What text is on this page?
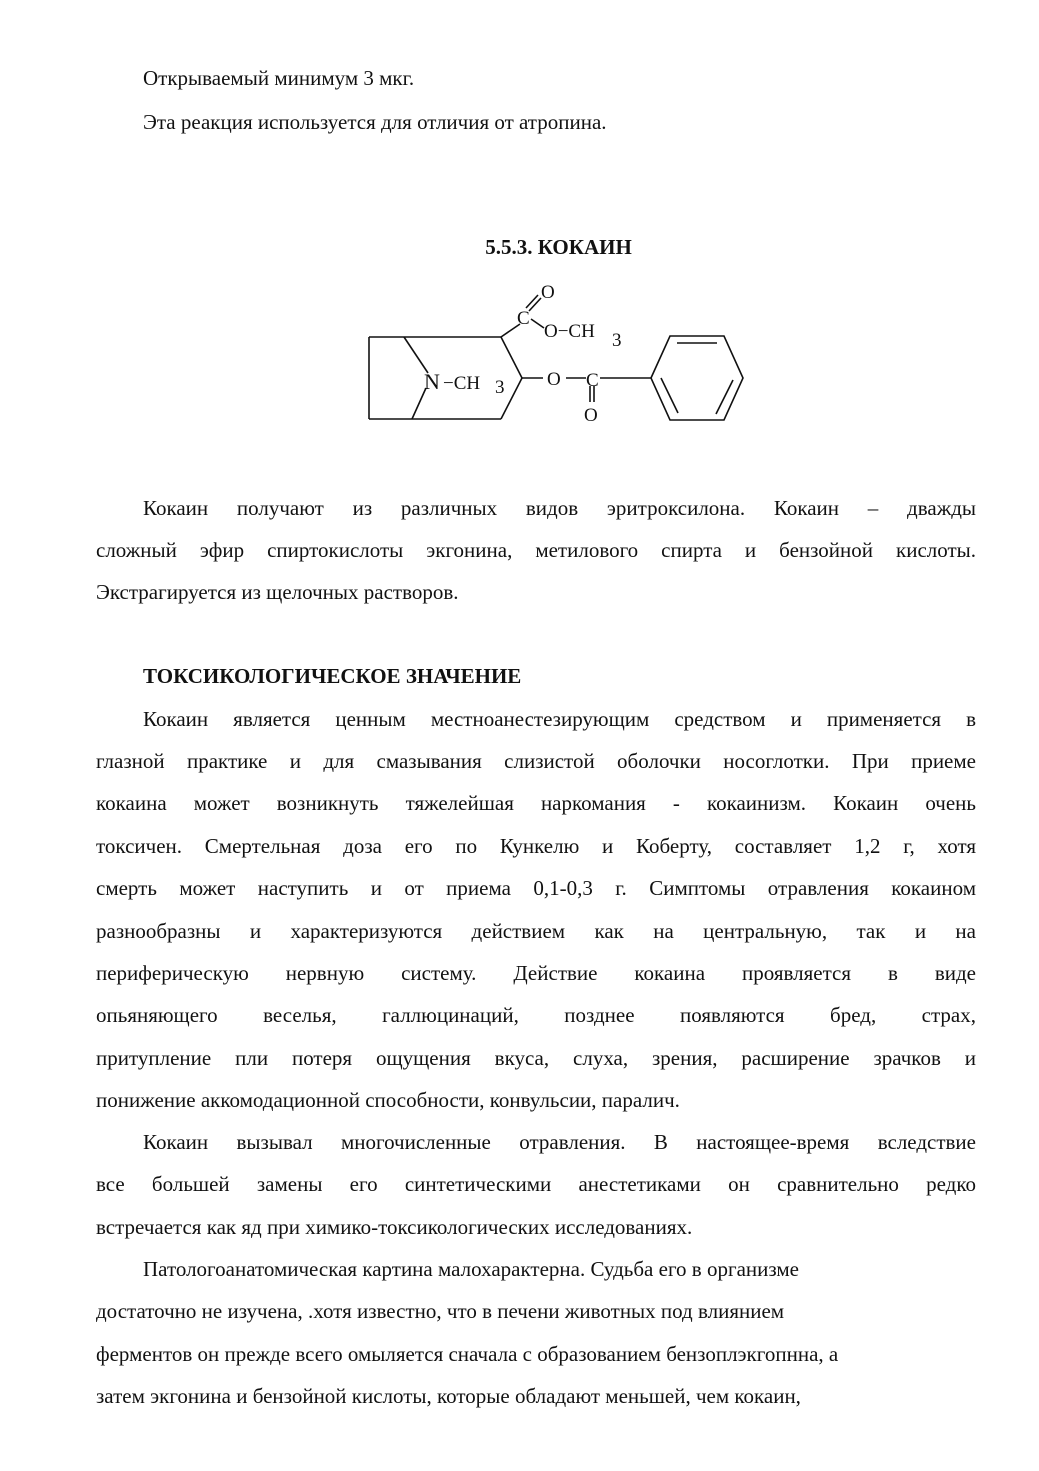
Открываемый минимум 3 мкг.
Эта реакция используется для отличия от атропина.
5.5.3. КОКАИН
O
C
O−CH 3
N −CH 3 O C
O
Кокаин получают из различных видов эритроксилона. Кокаин – дважды
сложный эфир спиртокислоты экгонина, метилового спирта и бензойной кислоты.
Экстрагируется из щелочных растворов.
ТОКСИКОЛОГИЧЕСКОЕ ЗНАЧЕНИЕ
Кокаин является ценным местноанестезирующим средством и применяется в
глазной практике и для смазывания слизистой оболочки носоглотки. При приеме
кокаина может возникнуть тяжелейшая наркомания - кокаинизм. Кокаин очень
токсичен. Смертельная доза его по Кункелю и Коберту, составляет 1,2 г, хотя
смерть может наступить и от приема 0,1-0,3 г. Симптомы отравления кокаином
разнообразны и характеризуются действием как на центральную, так и на
периферическую нервную систему. Действие кокаина проявляется в виде
опьяняющего веселья, галлюцинаций, позднее появляются бред, страх,
притупление пли потеря ощущения вкуса, слуха, зрения, расширение зрачков и
понижение аккомодационной способности, конвульсии, паралич.
Кокаин вызывал многочисленные отравления. В настоящее-время вследствие
все большей замены его синтетическими анестетиками он сравнительно редко
встречается как яд при химико-токсикологических исследованиях.
Патологоанатомическая картина малохарактерна. Судьба его в организме
достаточно не изучена, .хотя известно, что в печени животных под влиянием
ферментов он прежде всего омыляется сначала с образованием бензоплэкгопнна, а
затем экгонина и бензойной кислоты, которые обладают меньшей, чем кокаин,
